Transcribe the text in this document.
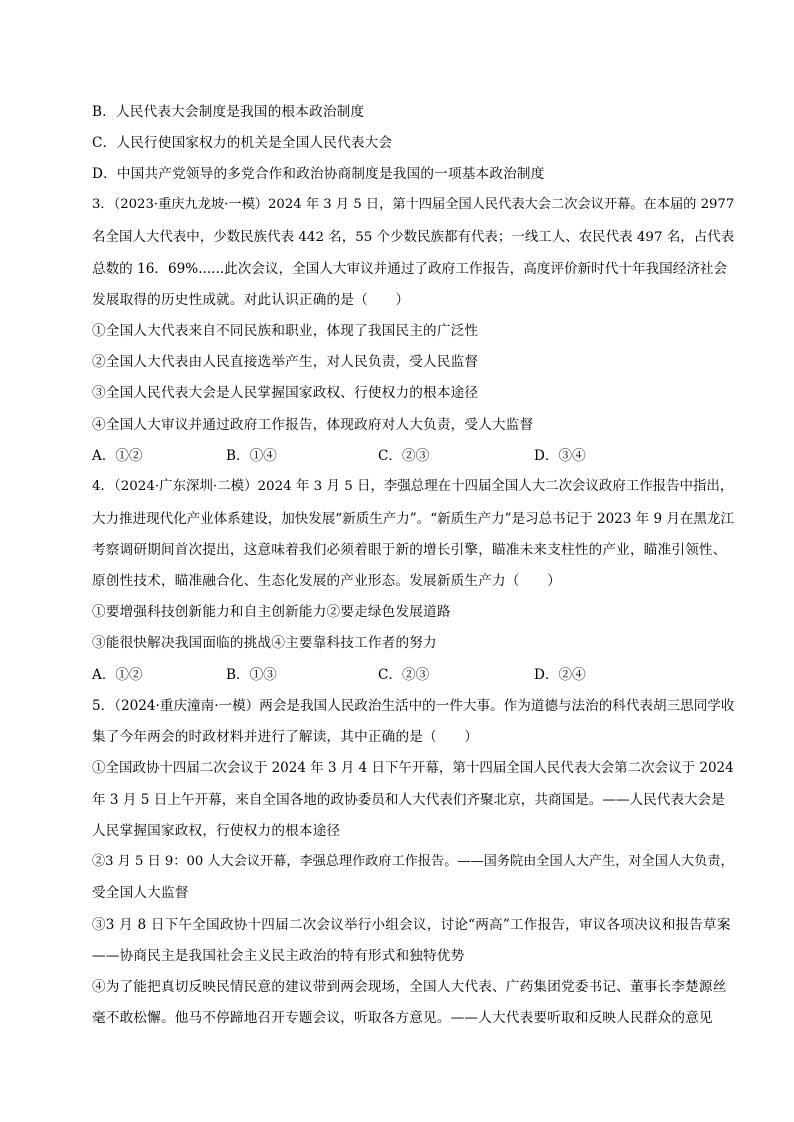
B．人民代表大会制度是我国的根本政治制度
C．人民行使国家权力的机关是全国人民代表大会
D．中国共产党领导的多党合作和政治协商制度是我国的一项基本政治制度
3．（2023·重庆九龙坡·一模）2024 年 3 月 5 日，第十四届全国人民代表大会二次会议开幕。在本届的 2977
名全国人大代表中，少数民族代表 442 名，55 个少数民族都有代表；一线工人、农民代表 497 名，占代表
总数的 16．69%......此次会议，全国人大审议并通过了政府工作报告，高度评价新时代十年我国经济社会
发展取得的历史性成就。对此认识正确的是（　　）
①全国人大代表来自不同民族和职业，体现了我国民主的广泛性
②全国人大代表由人民直接选举产生，对人民负责，受人民监督
③全国人民代表大会是人民掌握国家政权、行使权力的根本途径
④全国人大审议并通过政府工作报告，体现政府对人大负责，受人大监督
A．①②	B．①④	C．②③	D．③④
4．（2024·广东深圳·二模）2024 年 3 月 5 日，李强总理在十四届全国人大二次会议政府工作报告中指出，
大力推进现代化产业体系建设，加快发展“新质生产力”。“新质生产力”是习总书记于 2023 年 9 月在黑龙江
考察调研期间首次提出，这意味着我们必须着眼于新的增长引擎，瞄准未来支柱性的产业，瞄准引领性、
原创性技术，瞄准融合化、生态化发展的产业形态。发展新质生产力（　　）
①要增强科技创新能力和自主创新能力②要走绿色发展道路
③能很快解决我国面临的挑战④主要靠科技工作者的努力
A．①②	B．①③	C．②③	D．②④
5．（2024·重庆潼南·一模）两会是我国人民政治生活中的一件大事。作为道德与法治的科代表胡三思同学收
集了今年两会的时政材料并进行了解读，其中正确的是（　　）
①全国政协十四届二次会议于 2024 年 3 月 4 日下午开幕，第十四届全国人民代表大会第二次会议于 2024
年 3 月 5 日上午开幕，来自全国各地的政协委员和人大代表们齐聚北京，共商国是。——人民代表大会是
人民掌握国家政权，行使权力的根本途径
②3 月 5 日 9：00 人大会议开幕，李强总理作政府工作报告。——国务院由全国人大产生，对全国人大负责，
受全国人大监督
③3 月 8 日下午全国政协十四届二次会议举行小组会议，讨论“两高”工作报告，审议各项决议和报告草案
——协商民主是我国社会主义民主政治的特有形式和独特优势
④为了能把真切反映民情民意的建议带到两会现场，全国人大代表、广药集团党委书记、董事长李楚源丝
毫不敢松懈。他马不停蹄地召开专题会议，听取各方意见。——人大代表要听取和反映人民群众的意见
